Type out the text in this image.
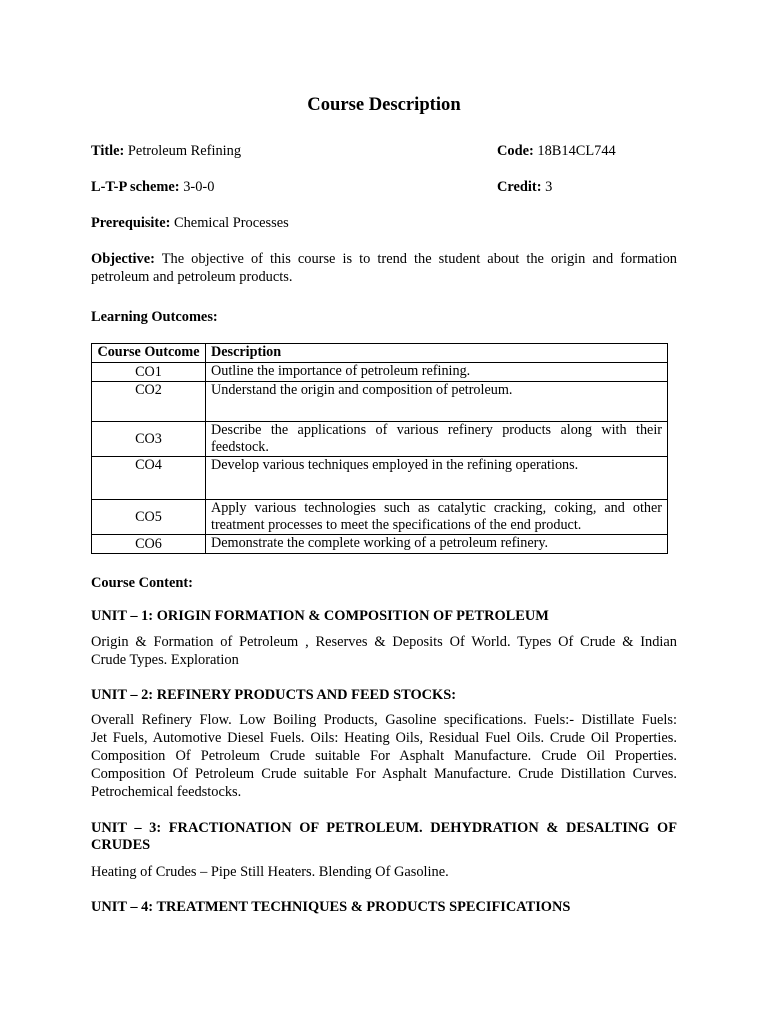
Course Description
Title: Petroleum Refining	Code: 18B14CL744
L-T-P scheme: 3-0-0	Credit: 3
Prerequisite: Chemical Processes
Objective: The objective of this course is to trend the student about the origin and formation
petroleum and petroleum products.
Learning Outcomes:
Course Outcome	Description
CO1	Outline the importance of petroleum refining.
CO2	Understand the origin and composition of petroleum.
CO3	Describe the applications of various refinery products along with their feedstock.
CO4	Develop various techniques employed in the refining operations.
CO5	Apply various technologies such as catalytic cracking, coking, and other treatment processes to meet the specifications of the end product.
CO6	Demonstrate the complete working of a petroleum refinery.
Course Content:
UNIT – 1: ORIGIN FORMATION & COMPOSITION OF PETROLEUM
Origin & Formation of Petroleum , Reserves & Deposits Of World. Types Of Crude & Indian
Crude Types. Exploration
UNIT – 2: REFINERY PRODUCTS AND FEED STOCKS:
Overall Refinery Flow. Low Boiling Products, Gasoline specifications. Fuels:- Distillate Fuels:
Jet Fuels, Automotive Diesel Fuels. Oils: Heating Oils, Residual Fuel Oils. Crude Oil Properties.
Composition Of Petroleum Crude suitable For Asphalt Manufacture. Crude Oil Properties.
Composition Of Petroleum Crude suitable For Asphalt Manufacture. Crude Distillation Curves.
Petrochemical feedstocks.
UNIT – 3: FRACTIONATION OF PETROLEUM. DEHYDRATION & DESALTING OF
CRUDES
Heating of Crudes – Pipe Still Heaters. Blending Of Gasoline.
UNIT – 4: TREATMENT TECHNIQUES & PRODUCTS SPECIFICATIONS
